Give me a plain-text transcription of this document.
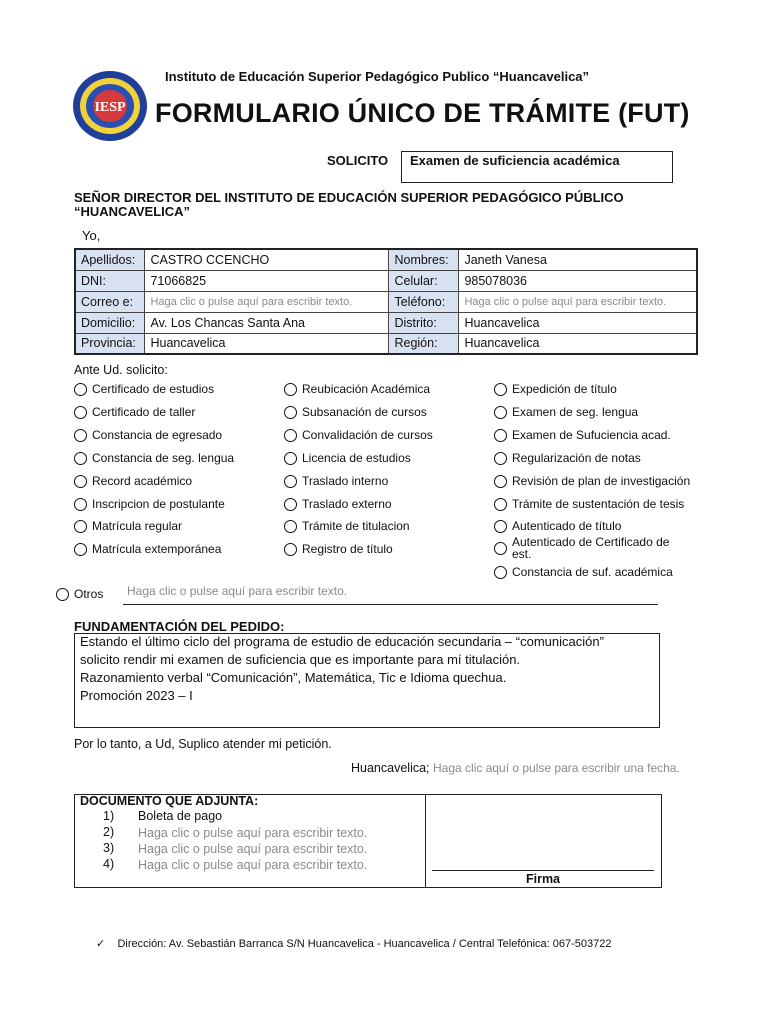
IESP
Instituto de Educación Superior Pedagógico Publico “Huancavelica”
FORMULARIO ÚNICO DE TRÁMITE (FUT)
SOLICITO Examen de suficiencia académica
SEÑOR DIRECTOR DEL INSTITUTO DE EDUCACIÓN SUPERIOR PEDAGÓGICO PÚBLICO “HUANCAVELICA”
Yo,
Apellidos:	CASTRO CCENCHO	Nombres:	Janeth Vanesa
DNI:	71066825	Celular:	985078036
Correo e:	Haga clic o pulse aquí para escribir texto.	Teléfono:	Haga clic o pulse aquí para escribir texto.
Domicilio:	Av. Los Chancas Santa Ana	Distrito:	Huancavelica
Provincia:	Huancavelica	Región:	Huancavelica
Ante Ud. solicito:
Certificado de estudios
Certificado de taller
Constancia de egresado
Constancia de seg. lengua
Record académico
Inscripcion de postulante
Matrícula regular
Matrícula extemporánea
Reubicación Académica
Subsanación de cursos
Convalidación de cursos
Licencia de estudios
Traslado interno
Traslado externo
Trámite de titulacion
Registro de título
Expedición de título
Examen de seg. lengua
Examen de Sufuciencia acad.
Regularización de notas
Revisión de plan de investigación
Trámite de sustentación de tesis
Autenticado de título
Autenticado de Certificado de
est.
Constancia de suf. académica
Otros Haga clic o pulse aquí para escribir texto.
FUNDAMENTACIÓN DEL PEDIDO:
Estando el último ciclo del programa de estudio de educación secundaria – “comunicación”
solicito rendir mi examen de suficiencia que es importante para mí titulación.
Razonamiento verbal “Comunicación”, Matemática, Tic e Idioma quechua.
Promoción 2023 – I
Por lo tanto, a Ud, Suplico atender mi petición.
Huancavelica; Haga clic aquí o pulse para escribir una fecha.
DOCUMENTO QUE ADJUNTA:
1) Boleta de pago
2) Haga clic o pulse aquí para escribir texto.
3) Haga clic o pulse aquí para escribir texto.
4) Haga clic o pulse aquí para escribir texto.
Firma
✓ Dirección: Av. Sebastián Barranca S/N Huancavelica - Huancavelica / Central Telefónica: 067-503722
